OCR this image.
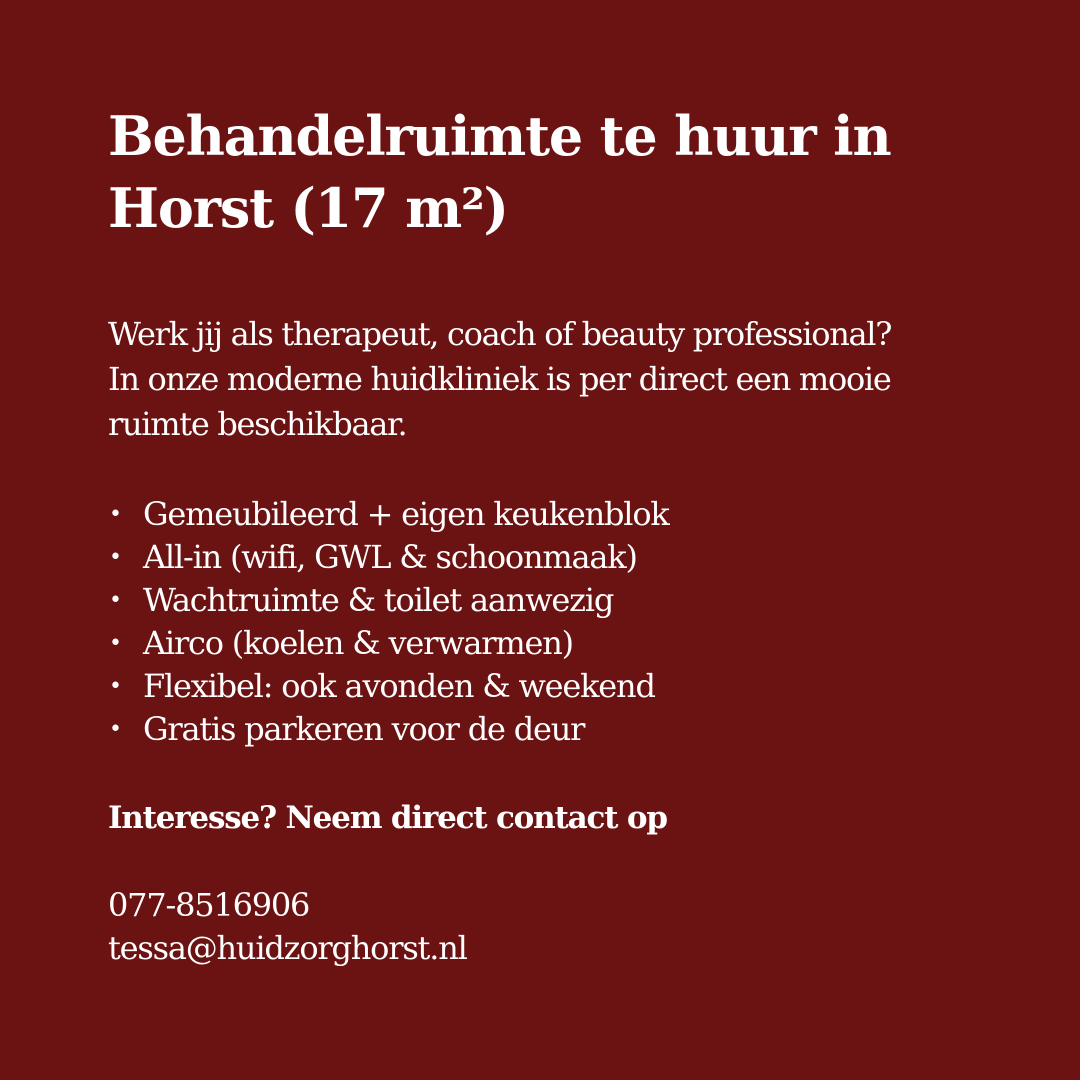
Behandelruimte te huur in
Horst (17 m²)

Werk jij als therapeut, coach of beauty professional?
In onze moderne huidkliniek is per direct een mooie
ruimte beschikbaar.

• Gemeubileerd + eigen keukenblok
• All-in (wifi, GWL & schoonmaak)
• Wachtruimte & toilet aanwezig
• Airco (koelen & verwarmen)
• Flexibel: ook avonden & weekend
• Gratis parkeren voor de deur

Interesse? Neem direct contact op

077-8516906
tessa@huidzorghorst.nl
